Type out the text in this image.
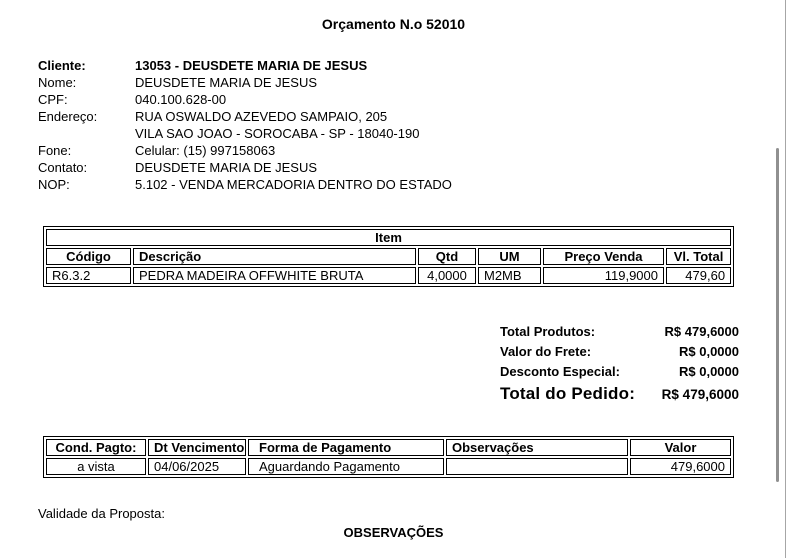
Orçamento N.o 52010
Cliente:	13053 - DEUSDETE MARIA DE JESUS
Nome:	DEUSDETE MARIA DE JESUS
CPF:	040.100.628-00
Endereço:	RUA OSWALDO AZEVEDO SAMPAIO, 205
VILA SAO JOAO - SOROCABA - SP - 18040-190
Fone:	Celular: (15) 997158063
Contato:	DEUSDETE MARIA DE JESUS
NOP:	5.102 - VENDA MERCADORIA DENTRO DO ESTADO
Item					
Código	Descrição	Qtd	UM	Preço Venda	Vl. Total
R6.3.2	PEDRA MADEIRA OFFWHITE BRUTA	4,0000	M2MB	119,9000	479,60
Total Produtos:	R$ 479,6000
Valor do Frete:	R$ 0,0000
Desconto Especial:	R$ 0,0000
Total do Pedido: R$ 479,6000
Cond. Pagto:	Dt Vencimento	Forma de Pagamento	Observações	Valor
a vista	04/06/2025	Aguardando Pagamento		479,6000
Validade da Proposta:
OBSERVAÇÕES
